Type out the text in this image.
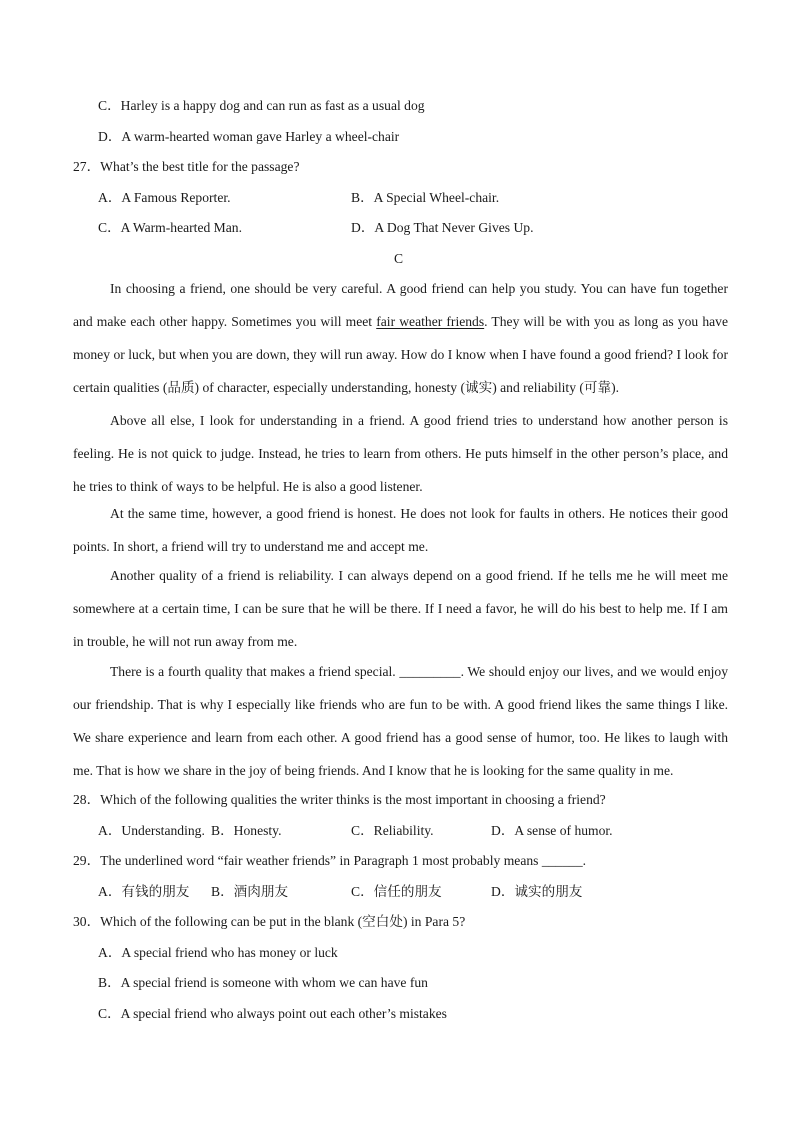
C．Harley is a happy dog and can run as fast as a usual dog
D．A warm-hearted woman gave Harley a wheel-chair
27．What’s the best title for the passage?
A．A Famous Reporter.	B．A Special Wheel-chair.
C．A Warm-hearted Man.	D．A Dog That Never Gives Up.
C
In choosing a friend, one should be very careful. A good friend can help you study. You can have fun together and make each other happy. Sometimes you will meet fair weather friends. They will be with you as long as you have money or luck, but when you are down, they will run away. How do I know when I have found a good friend? I look for certain qualities (品质) of character, especially understanding, honesty (诚实) and reliability (可靠).
Above all else, I look for understanding in a friend. A good friend tries to understand how another person is feeling. He is not quick to judge. Instead, he tries to learn from others. He puts himself in the other person’s place, and he tries to think of ways to be helpful. He is also a good listener.
At the same time, however, a good friend is honest. He does not look for faults in others. He notices their good points. In short, a friend will try to understand me and accept me.
Another quality of a friend is reliability. I can always depend on a good friend. If he tells me he will meet me somewhere at a certain time, I can be sure that he will be there. If I need a favor, he will do his best to help me. If I am in trouble, he will not run away from me.
There is a fourth quality that makes a friend special. _________. We should enjoy our lives, and we would enjoy our friendship. That is why I especially like friends who are fun to be with. A good friend likes the same things I like. We share experience and learn from each other. A good friend has a good sense of humor, too. He likes to laugh with me. That is how we share in the joy of being friends. And I know that he is looking for the same quality in me.
28．Which of the following qualities the writer thinks is the most important in choosing a friend?
A．Understanding. B．Honesty.	C．Reliability.	D．A sense of humor.
29．The underlined word “fair weather friends” in Paragraph 1 most probably means ______.
A．有钱的朋友 B．酒肉朋友	C．信任的朋友	D．诚实的朋友
30．Which of the following can be put in the blank (空白处) in Para 5?
A．A special friend who has money or luck
B．A special friend is someone with whom we can have fun
C．A special friend who always point out each other’s mistakes
